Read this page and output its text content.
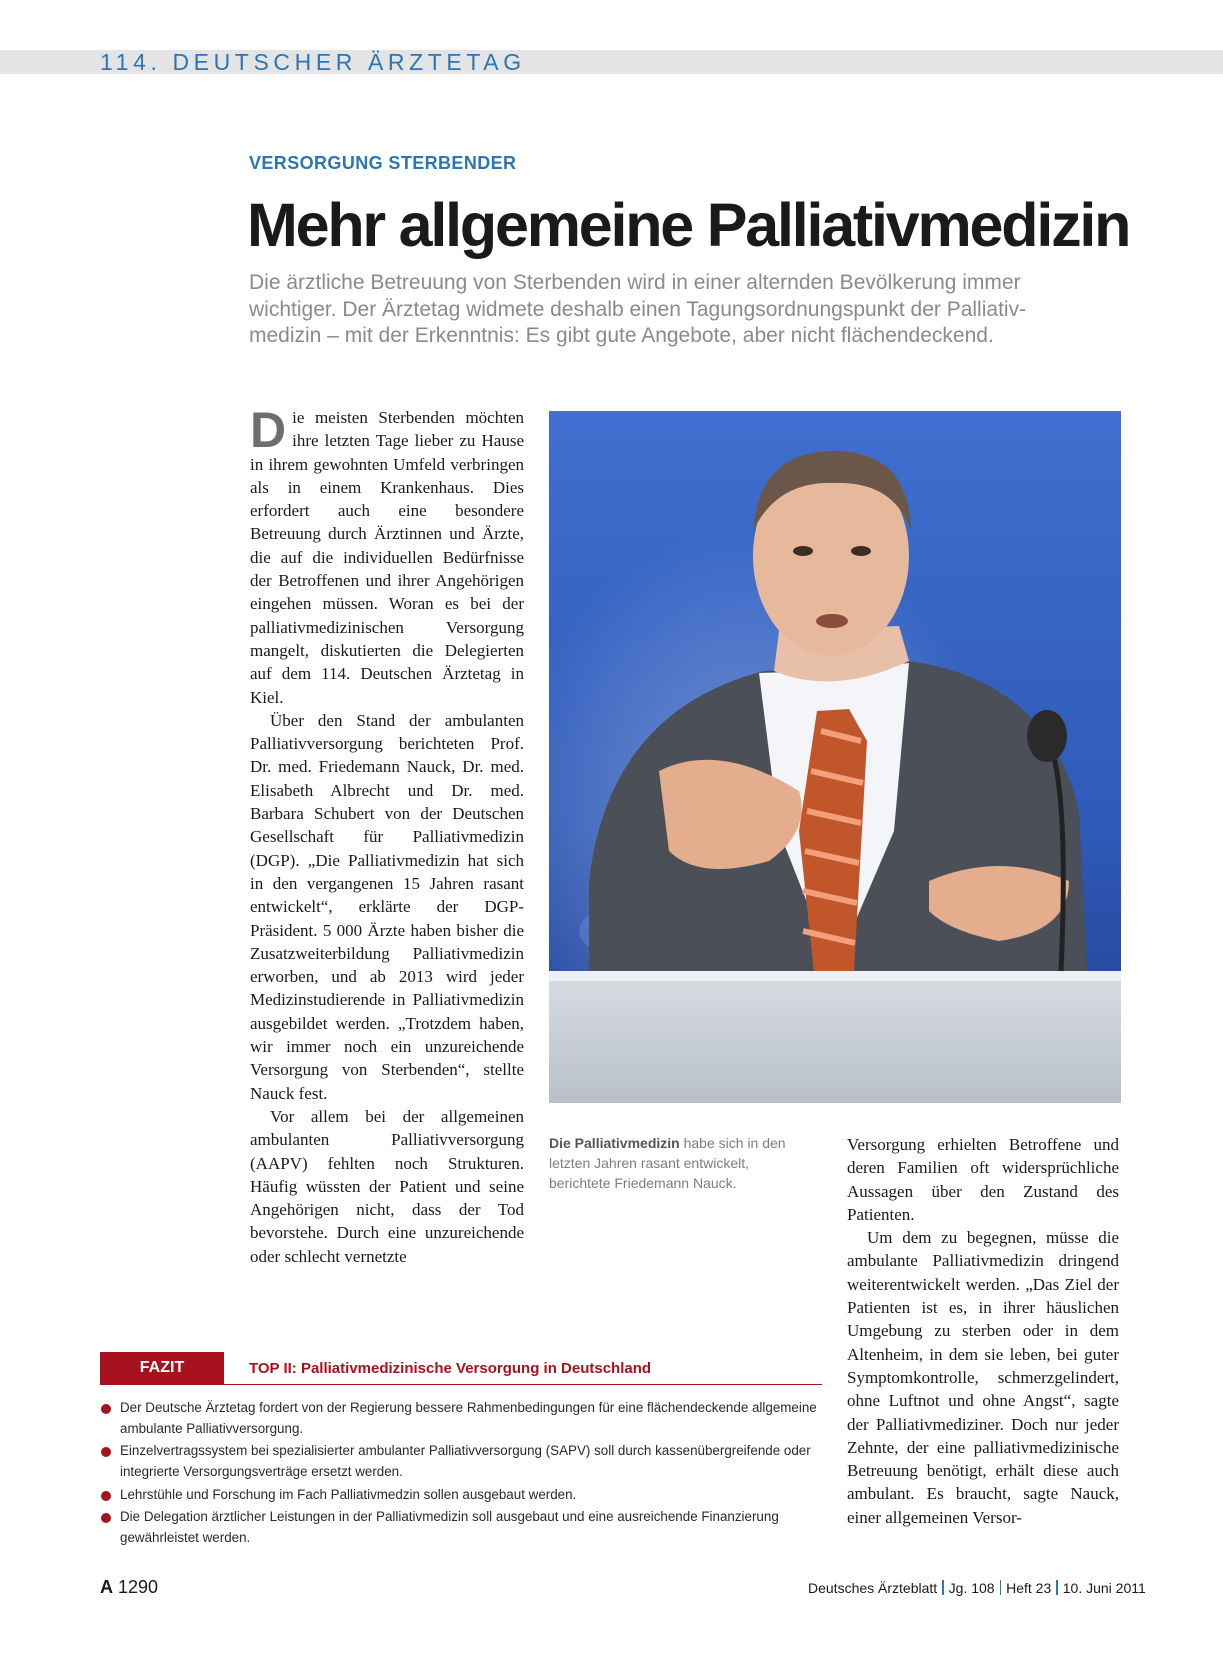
114. DEUTSCHER ÄRZTETAG
VERSORGUNG STERBENDER
Mehr allgemeine Palliativmedizin
Die ärztliche Betreuung von Sterbenden wird in einer alternden Bevölkerung immer
wichtiger. Der Ärztetag widmete deshalb einen Tagungsordnungspunkt der Palliativ-
medizin – mit der Erkenntnis: Es gibt gute Angebote, aber nicht flächendeckend.

Die meisten Sterbenden möchten ihre letzten Tage lieber zu Hause in ihrem gewohnten Umfeld verbringen als in einem Krankenhaus. Dies erfordert auch eine besondere Betreuung durch Ärztinnen und Ärzte, die auf die individuellen Bedürfnisse der Betroffenen und ihrer Angehörigen eingehen müssen. Woran es bei der palliativmedizinischen Versorgung mangelt, diskutierten die Delegierten auf dem 114. Deutschen Ärztetag in Kiel.

Über den Stand der ambulanten Palliativversorgung berichteten Prof. Dr. med. Friedemann Nauck, Dr. med. Elisabeth Albrecht und Dr. med. Barbara Schubert von der Deutschen Gesellschaft für Palliativmedizin (DGP). „Die Palliativmedizin hat sich in den vergangenen 15 Jahren rasant entwickelt“, erklärte der DGP-Präsident. 5 000 Ärzte haben bisher die Zusatzweiterbildung Palliativmedizin erworben, und ab 2013 wird jeder Medizinstudierende in Palliativmedizin ausgebildet werden. „Trotzdem haben, wir immer noch ein unzureichende Versorgung von Sterbenden“, stellte Nauck fest.

Vor allem bei der allgemeinen ambulanten Palliativversorgung (AAPV) fehlten noch Strukturen. Häufig wüssten der Patient und seine Angehörigen nicht, dass der Tod bevorstehe. Durch eine unzureichende oder schlecht vernetzte

Die Palliativmedizin habe sich in den letzten Jahren rasant entwickelt, berichtete Friedemann Nauck.

Versorgung erhielten Betroffene und deren Familien oft widersprüchliche Aussagen über den Zustand des Patienten.

Um dem zu begegnen, müsse die ambulante Palliativmedizin dringend weiterentwickelt werden. „Das Ziel der Patienten ist es, in ihrer häuslichen Umgebung zu sterben oder in dem Altenheim, in dem sie leben, bei guter Symptomkontrolle, schmerzgelindert, ohne Luftnot und ohne Angst“, sagte der Palliativmediziner. Doch nur jeder Zehnte, der eine palliativmedizinische Betreuung benötigt, erhält diese auch ambulant. Es braucht, sagte Nauck, einer allgemeinen Versor-

FAZIT	TOP II: Palliativmedizinische Versorgung in Deutschland
Der Deutsche Ärztetag fordert von der Regierung bessere Rahmenbedingungen für eine flächendeckende allgemeine
ambulante Palliativversorgung.
Einzelvertragssystem bei spezialisierter ambulanter Palliativversorgung (SAPV) soll durch kassenübergreifende oder
integrierte Versorgungsverträge ersetzt werden.
Lehrstühle und Forschung im Fach Palliativmedzin sollen ausgebaut werden.
Die Delegation ärztlicher Leistungen in der Palliativmedizin soll ausgebaut und eine ausreichende Finanzierung
gewährleistet werden.
A 1290	Deutsches Ärzteblatt Jg. 108 Heft 23 10. Juni 2011
